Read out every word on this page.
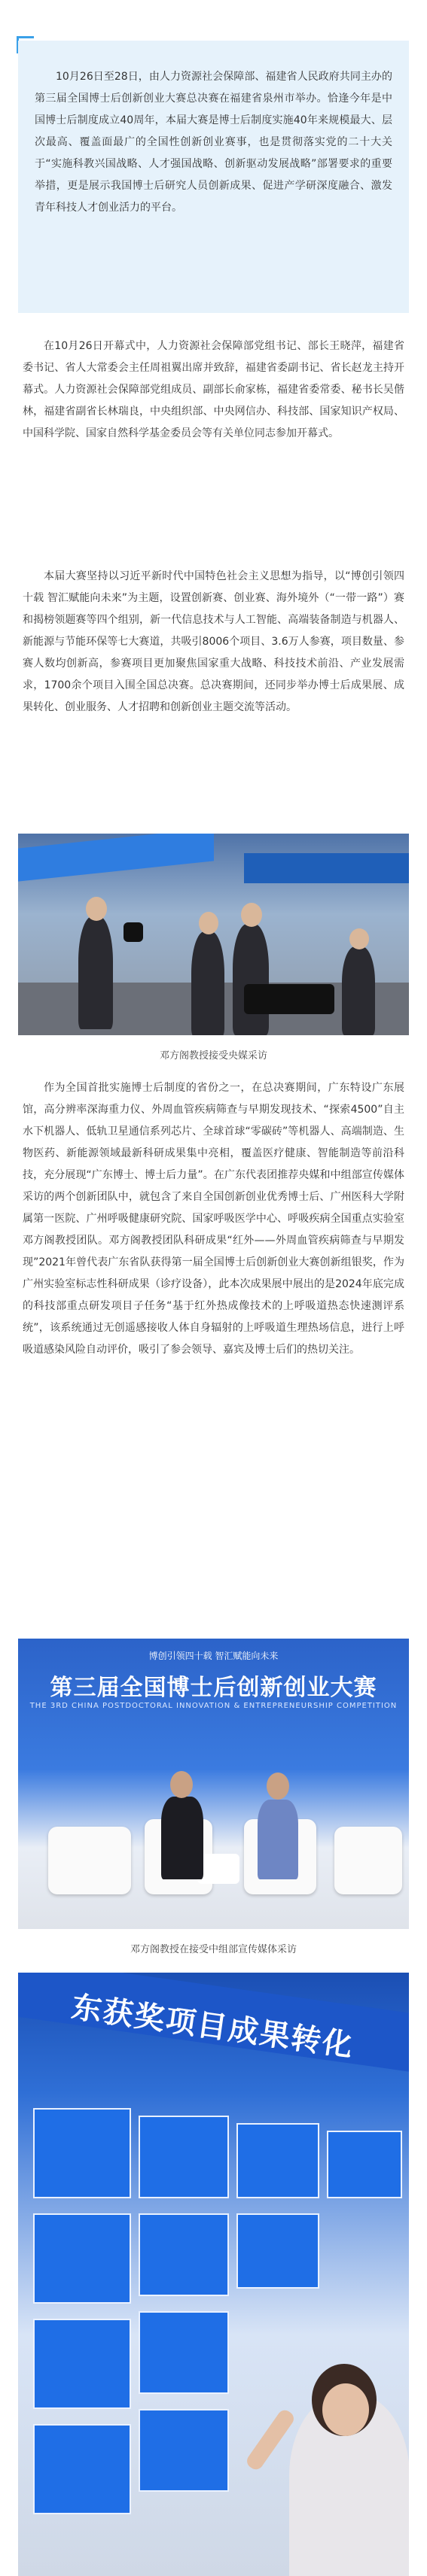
10月26日至28日，由人力资源社会保障部、福建省人民政府共同主办的第三届全国博士后创新创业大赛总决赛在福建省泉州市举办。恰逢今年是中国博士后制度成立40周年，本届大赛是博士后制度实施40年来规模最大、层次最高、覆盖面最广的全国性创新创业赛事，也是贯彻落实党的二十大关于“实施科教兴国战略、人才强国战略、创新驱动发展战略”部署要求的重要举措，更是展示我国博士后研究人员创新成果、促进产学研深度融合、激发青年科技人才创业活力的平台。

在10月26日开幕式中，人力资源社会保障部党组书记、部长王晓萍，福建省委书记、省人大常委会主任周祖翼出席并致辞，福建省委副书记、省长赵龙主持开幕式。人力资源社会保障部党组成员、副部长俞家栋，福建省委常委、秘书长吴偕林，福建省副省长林瑞良，中央组织部、中央网信办、科技部、国家知识产权局、中国科学院、国家自然科学基金委员会等有关单位同志参加开幕式。

本届大赛坚持以习近平新时代中国特色社会主义思想为指导，以“博创引领四十载 智汇赋能向未来”为主题，设置创新赛、创业赛、海外境外（“一带一路”）赛和揭榜领题赛等四个组别，新一代信息技术与人工智能、高端装备制造与机器人、新能源与节能环保等七大赛道，共吸引8006个项目、3.6万人参赛，项目数量、参赛人数均创新高，参赛项目更加聚焦国家重大战略、科技技术前沿、产业发展需求，1700余个项目入围全国总决赛。总决赛期间，还同步举办博士后成果展、成果转化、创业服务、人才招聘和创新创业主题交流等活动。

邓方阁教授接受央媒采访

作为全国首批实施博士后制度的省份之一，在总决赛期间，广东特设广东展馆，高分辨率深海重力仪、外周血管疾病筛查与早期发现技术、“探索4500”自主水下机器人、低轨卫星通信系列芯片、全球首球“零碳砖”等机器人、高端制造、生物医药、新能源领域最新科研成果集中亮相，覆盖医疗健康、智能制造等前沿科技，充分展现“广东博士、博士后力量”。在广东代表团推荐央媒和中组部宣传媒体采访的两个创新团队中，就包含了来自全国创新创业优秀博士后、广州医科大学附属第一医院、广州呼吸健康研究院、国家呼吸医学中心、呼吸疾病全国重点实验室邓方阁教授团队。邓方阁教授团队科研成果“红外——外周血管疾病筛查与早期发现”2021年曾代表广东省队获得第一届全国博士后创新创业大赛创新组银奖，作为广州实验室标志性科研成果（诊疗设备），此本次成果展中展出的是2024年底完成的科技部重点研发项目子任务“基于红外热成像技术的上呼吸道热态快速测评系统”，该系统通过无创遥感接收人体自身辐射的上呼吸道生理热场信息，进行上呼吸道感染风险自动评价，吸引了参会领导、嘉宾及博士后们的热切关注。

博创引领四十载 智汇赋能向未来
第三届全国博士后创新创业大赛
THE 3RD CHINA POSTDOCTORAL INNOVATION & ENTREPRENEURSHIP COMPETITION
邓方阁教授在接受中组部宣传媒体采访
东获奖项目成果转化
